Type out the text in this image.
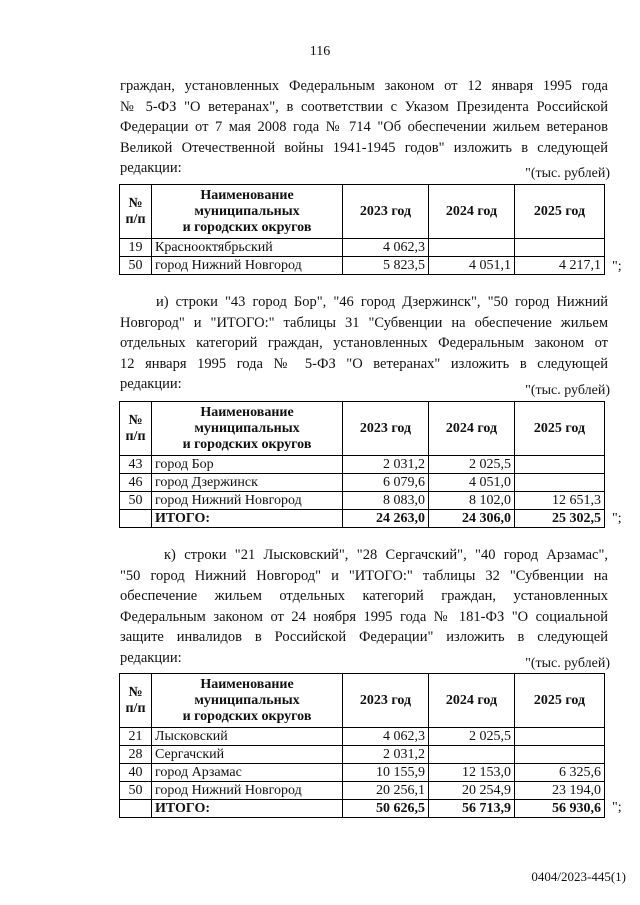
116
граждан, установленных Федеральным законом от 12 января 1995 года
№ 5-ФЗ "О ветеранах", в соответствии с Указом Президента Российской
Федерации от 7 мая 2008 года № 714 "Об обеспечении жильем ветеранов
Великой Отечественной войны 1941-1945 годов" изложить в следующей
редакции:	"(тыс. рублей)
№
п/п	Наименование
муниципальных
и городских округов	2023 год	2024 год	2025 год
19	Краснооктябрьский	4 062,3		
50	город Нижний Новгород	5 823,5	4 051,1	4 217,1 ";
и) строки "43 город Бор", "46 город Дзержинск", "50 город Нижний
Новгород" и "ИТОГО:" таблицы 31 "Субвенции на обеспечение жильем
отдельных категорий граждан, установленных Федеральным законом от
12 января 1995 года № 5-ФЗ "О ветеранах" изложить в следующей
редакции:	"(тыс. рублей)
№
п/п	Наименование
муниципальных
и городских округов	2023 год	2024 год	2025 год
43	город Бор	2 031,2	2 025,5	
46	город Дзержинск	6 079,6	4 051,0	
50	город Нижний Новгород	8 083,0	8 102,0	12 651,3
	ИТОГО:	24 263,0	24 306,0	25 302,5 ";
к) строки "21 Лысковский", "28 Сергачский", "40 город Арзамас",
"50 город Нижний Новгород" и "ИТОГО:" таблицы 32 "Субвенции на
обеспечение жильем отдельных категорий граждан, установленных
Федеральным законом от 24 ноября 1995 года № 181-ФЗ "О социальной
защите инвалидов в Российской Федерации" изложить в следующей
редакции:	"(тыс. рублей)
№
п/п	Наименование
муниципальных
и городских округов	2023 год	2024 год	2025 год
21	Лысковский	4 062,3	2 025,5	
28	Сергачский	2 031,2		
40	город Арзамас	10 155,9	12 153,0	6 325,6
50	город Нижний Новгород	20 256,1	20 254,9	23 194,0
	ИТОГО:	50 626,5	56 713,9	56 930,6 ";
0404/2023-445(1)
